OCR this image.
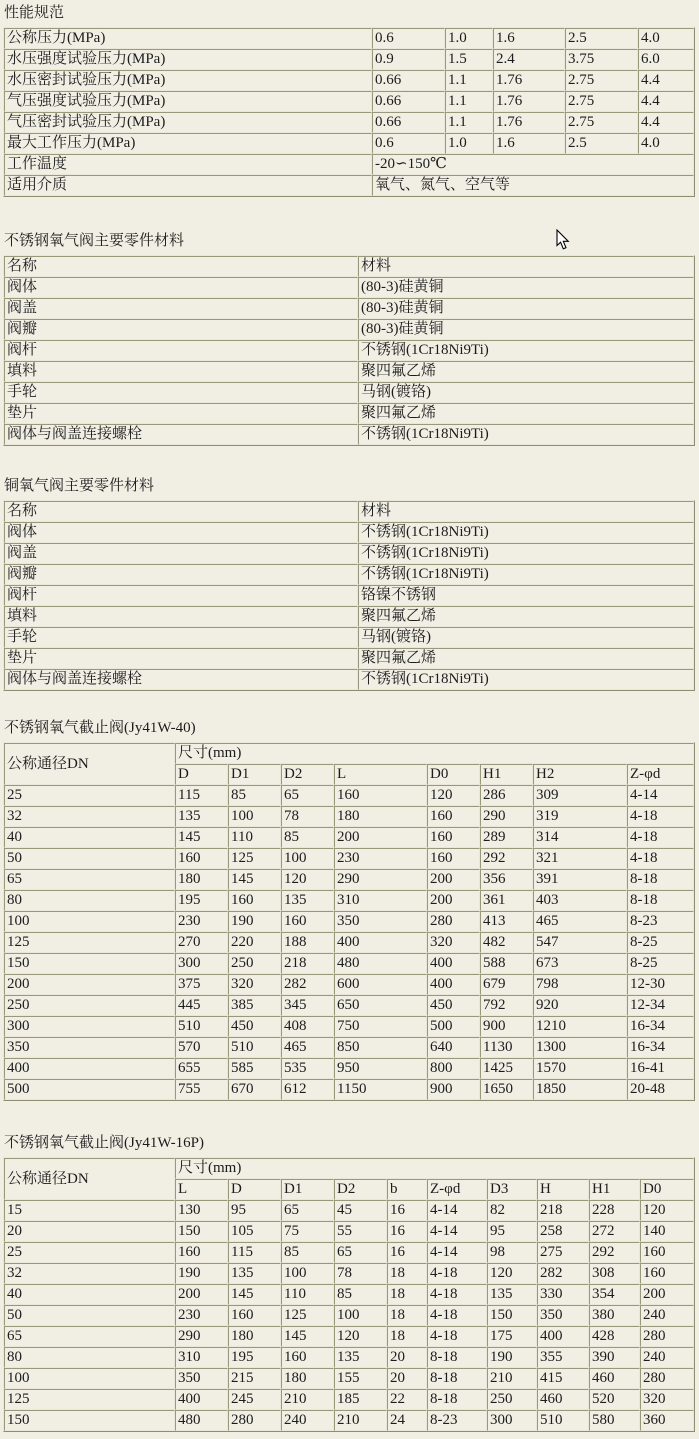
性能规范
公称压力(MPa)	0.6	1.0	1.6	2.5	4.0
水压强度试验压力(MPa)	0.9	1.5	2.4	3.75	6.0
水压密封试验压力(MPa)	0.66	1.1	1.76	2.75	4.4
气压强度试验压力(MPa)	0.66	1.1	1.76	2.75	4.4
气压密封试验压力(MPa)	0.66	1.1	1.76	2.75	4.4
最大工作压力(MPa)	0.6	1.0	1.6	2.5	4.0
工作温度	-20∽150℃				
适用介质	氧气、氮气、空气等				
不锈钢氧气阀主要零件材料
名称	材料
阀体	(80-3)硅黄铜
阀盖	(80-3)硅黄铜
阀瓣	(80-3)硅黄铜
阀杆	不锈钢(1Cr18Ni9Ti)
填料	聚四氟乙烯
手轮	马钢(镀铬)
垫片	聚四氟乙烯
阀体与阀盖连接螺栓	不锈钢(1Cr18Ni9Ti)
铜氧气阀主要零件材料
名称	材料
阀体	不锈钢(1Cr18Ni9Ti)
阀盖	不锈钢(1Cr18Ni9Ti)
阀瓣	不锈钢(1Cr18Ni9Ti)
阀杆	铬镍不锈钢
填料	聚四氟乙烯
手轮	马钢(镀铬)
垫片	聚四氟乙烯
阀体与阀盖连接螺栓	不锈钢(1Cr18Ni9Ti)
不锈钢氧气截止阀(Jy41W-40)
公称通径DN	尺寸(mm)							
	D	D1	D2	L	D0	H1	H2	Z-φd
25	115	85	65	160	120	286	309	4-14
32	135	100	78	180	160	290	319	4-18
40	145	110	85	200	160	289	314	4-18
50	160	125	100	230	160	292	321	4-18
65	180	145	120	290	200	356	391	8-18
80	195	160	135	310	200	361	403	8-18
100	230	190	160	350	280	413	465	8-23
125	270	220	188	400	320	482	547	8-25
150	300	250	218	480	400	588	673	8-25
200	375	320	282	600	400	679	798	12-30
250	445	385	345	650	450	792	920	12-34
300	510	450	408	750	500	900	1210	16-34
350	570	510	465	850	640	1130	1300	16-34
400	655	585	535	950	800	1425	1570	16-41
500	755	670	612	1150	900	1650	1850	20-48
不锈钢氧气截止阀(Jy41W-16P)
公称通径DN	尺寸(mm)									
	L	D	D1	D2	b	Z-φd	D3	H	H1	D0
15	130	95	65	45	16	4-14	82	218	228	120
20	150	105	75	55	16	4-14	95	258	272	140
25	160	115	85	65	16	4-14	98	275	292	160
32	190	135	100	78	18	4-18	120	282	308	160
40	200	145	110	85	18	4-18	135	330	354	200
50	230	160	125	100	18	4-18	150	350	380	240
65	290	180	145	120	18	4-18	175	400	428	280
80	310	195	160	135	20	8-18	190	355	390	240
100	350	215	180	155	20	8-18	210	415	460	280
125	400	245	210	185	22	8-18	250	460	520	320
150	480	280	240	210	24	8-23	300	510	580	360
